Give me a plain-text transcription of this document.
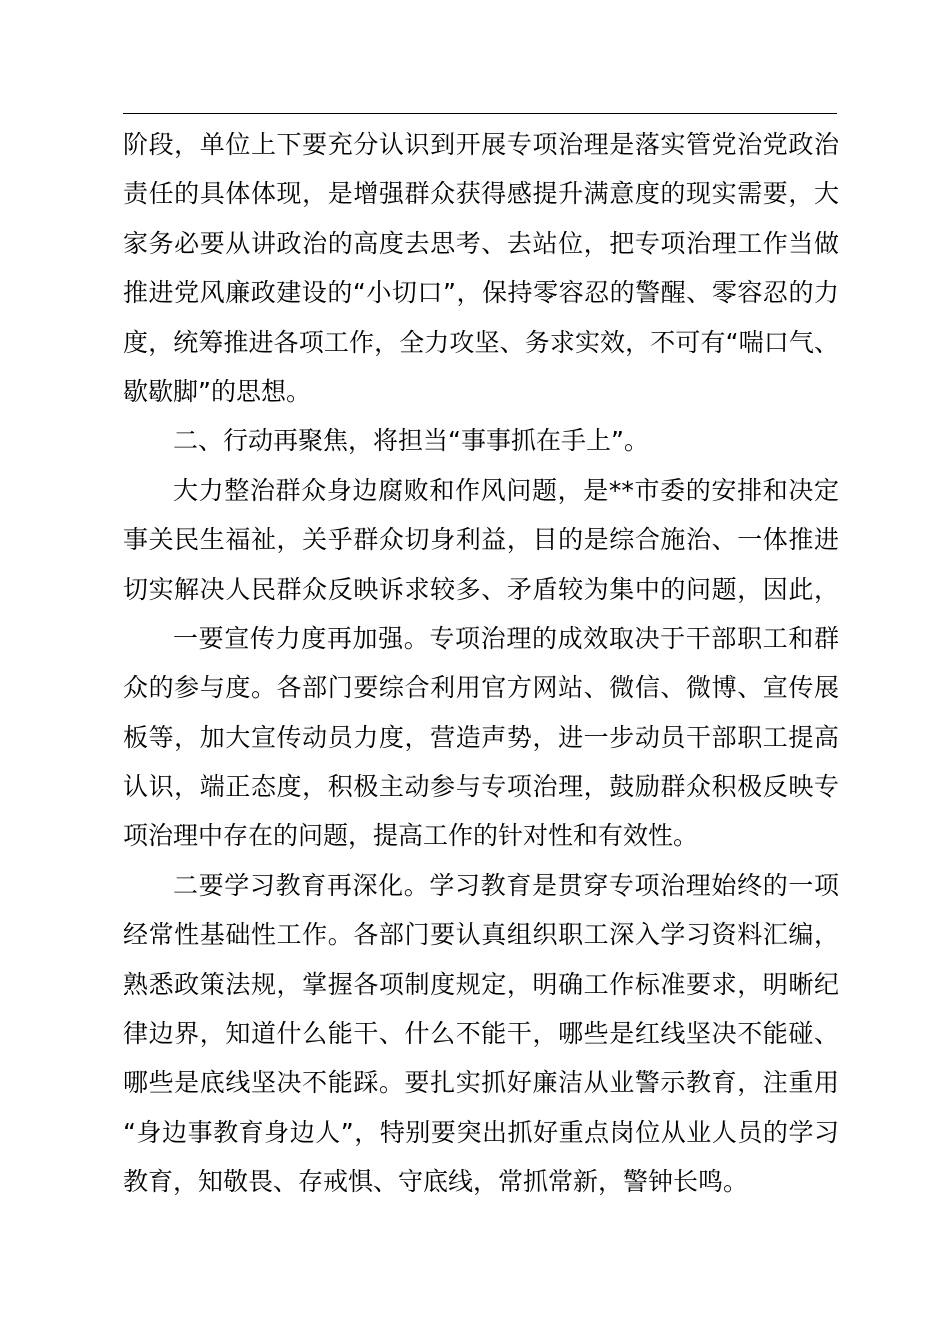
阶段，单位上下要充分认识到开展专项治理是落实管党治党政治
责任的具体体现，是增强群众获得感提升满意度的现实需要，大
家务必要从讲政治的高度去思考、去站位，把专项治理工作当做
推进党风廉政建设的“小切口”，保持零容忍的警醒、零容忍的力
度，统筹推进各项工作，全力攻坚、务求实效，不可有“喘口气、
歇歇脚”的思想。
二、行动再聚焦，将担当“事事抓在手上”。
大力整治群众身边腐败和作风问题，是**市委的安排和决定
事关民生福祉，关乎群众切身利益，目的是综合施治、一体推进
切实解决人民群众反映诉求较多、矛盾较为集中的问题，因此，
一要宣传力度再加强。专项治理的成效取决于干部职工和群
众的参与度。各部门要综合利用官方网站、微信、微博、宣传展
板等，加大宣传动员力度，营造声势，进一步动员干部职工提高
认识，端正态度，积极主动参与专项治理，鼓励群众积极反映专
项治理中存在的问题，提高工作的针对性和有效性。
二要学习教育再深化。学习教育是贯穿专项治理始终的一项
经常性基础性工作。各部门要认真组织职工深入学习资料汇编，
熟悉政策法规，掌握各项制度规定，明确工作标准要求，明晰纪
律边界，知道什么能干、什么不能干，哪些是红线坚决不能碰、
哪些是底线坚决不能踩。要扎实抓好廉洁从业警示教育，注重用
“身边事教育身边人”，特别要突出抓好重点岗位从业人员的学习
教育，知敬畏、存戒惧、守底线，常抓常新，警钟长鸣。
